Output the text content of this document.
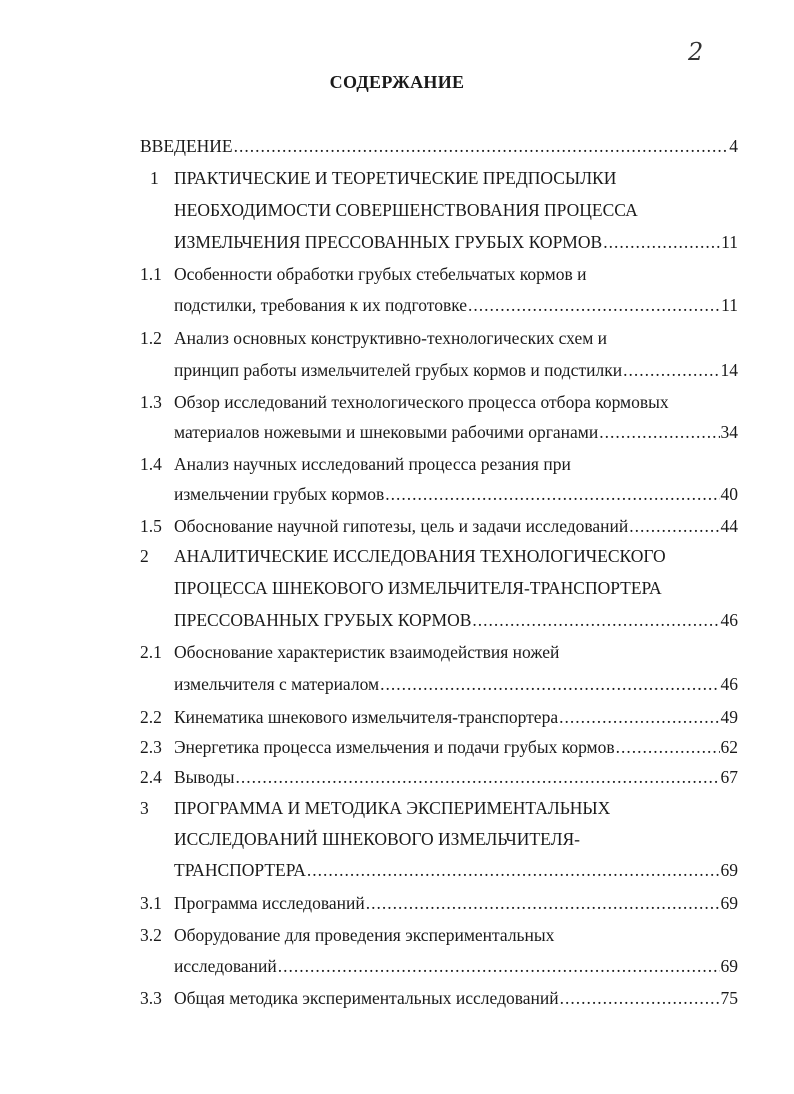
2
СОДЕРЖАНИЕ
ВВЕДЕНИЕ .....	4
1 ПРАКТИЧЕСКИЕ И ТЕОРЕТИЧЕСКИЕ ПРЕДПОСЫЛКИ
НЕОБХОДИМОСТИ СОВЕРШЕНСТВОВАНИЯ ПРОЦЕССА
ИЗМЕЛЬЧЕНИЯ ПРЕССОВАННЫХ ГРУБЫХ КОРМОВ .....	11
1.1 Особенности обработки грубых стебельчатых кормов и
подстилки, требования к их подготовке .....	11
1.2 Анализ основных конструктивно-технологических схем и
принцип работы измельчителей грубых кормов и подстилки .....	14
1.3 Обзор исследований технологического процесса отбора кормовых
материалов ножевыми и шнековыми рабочими органами .....	34
1.4 Анализ научных исследований процесса резания при
измельчении грубых кормов .....	40
1.5 Обоснование научной гипотезы, цель и задачи исследований .....	44
2 АНАЛИТИЧЕСКИЕ ИССЛЕДОВАНИЯ ТЕХНОЛОГИЧЕСКОГО
ПРОЦЕССА ШНЕКОВОГО ИЗМЕЛЬЧИТЕЛЯ-ТРАНСПОРТЕРА
ПРЕССОВАННЫХ ГРУБЫХ КОРМОВ .....	46
2.1 Обоснование характеристик взаимодействия ножей
измельчителя с материалом .....	46
2.2 Кинематика шнекового измельчителя-транспортера .....	49
2.3 Энергетика процесса измельчения и подачи грубых кормов .....	62
2.4 Выводы .....	67
3 ПРОГРАММА И МЕТОДИКА ЭКСПЕРИМЕНТАЛЬНЫХ
ИССЛЕДОВАНИЙ ШНЕКОВОГО ИЗМЕЛЬЧИТЕЛЯ-
ТРАНСПОРТЕРА .....	69
3.1 Программа исследований .....	69
3.2 Оборудование для проведения экспериментальных
исследований .....	69
3.3 Общая методика экспериментальных исследований .....	75
